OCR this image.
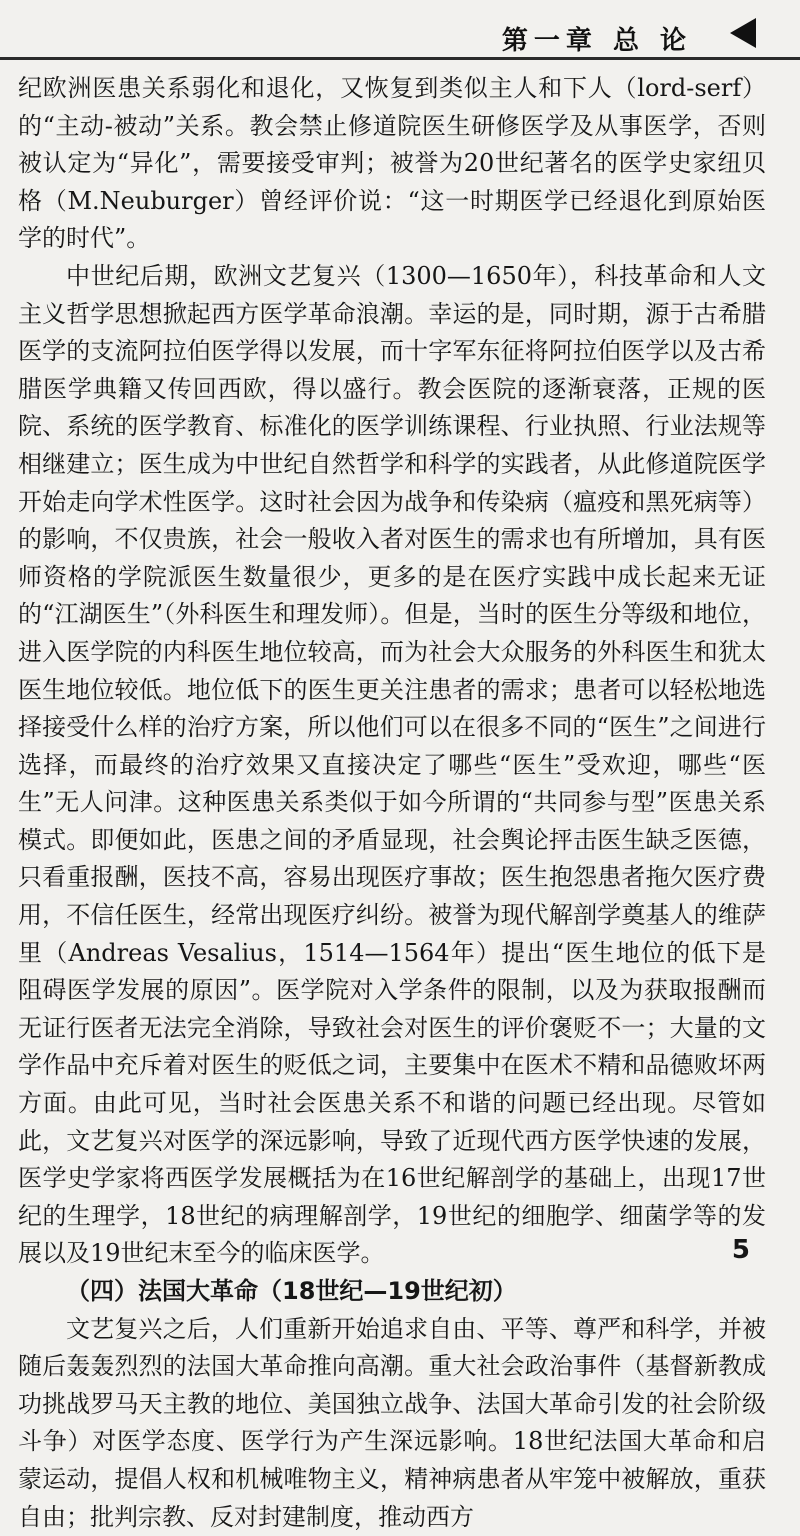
第一章 总 论

纪欧洲医患关系弱化和退化，又恢复到类似主人和下人（lord-serf）的“主动-被动”关系。教会禁止修道院医生研修医学及从事医学，否则被认定为“异化”，需要接受审判；被誉为20世纪著名的医学史家纽贝格（M.Neuburger）曾经评价说：“这一时期医学已经退化到原始医学的时代”。

中世纪后期，欧洲文艺复兴（1300—1650年），科技革命和人文主义哲学思想掀起西方医学革命浪潮。幸运的是，同时期，源于古希腊医学的支流阿拉伯医学得以发展，而十字军东征将阿拉伯医学以及古希腊医学典籍又传回西欧，得以盛行。教会医院的逐渐衰落，正规的医院、系统的医学教育、标准化的医学训练课程、行业执照、行业法规等相继建立；医生成为中世纪自然哲学和科学的实践者，从此修道院医学开始走向学术性医学。这时社会因为战争和传染病（瘟疫和黑死病等）的影响，不仅贵族，社会一般收入者对医生的需求也有所增加，具有医师资格的学院派医生数量很少，更多的是在医疗实践中成长起来无证的“江湖医生”（外科医生和理发师）。但是，当时的医生分等级和地位，进入医学院的内科医生地位较高，而为社会大众服务的外科医生和犹太医生地位较低。地位低下的医生更关注患者的需求；患者可以轻松地选择接受什么样的治疗方案，所以他们可以在很多不同的“医生”之间进行选择，而最终的治疗效果又直接决定了哪些“医生”受欢迎，哪些“医生”无人问津。这种医患关系类似于如今所谓的“共同参与型”医患关系模式。即便如此，医患之间的矛盾显现，社会舆论抨击医生缺乏医德，只看重报酬，医技不高，容易出现医疗事故；医生抱怨患者拖欠医疗费用，不信任医生，经常出现医疗纠纷。被誉为现代解剖学奠基人的维萨里（Andreas Vesalius，1514—1564年）提出“医生地位的低下是阻碍医学发展的原因”。医学院对入学条件的限制，以及为获取报酬而无证行医者无法完全消除，导致社会对医生的评价褒贬不一；大量的文学作品中充斥着对医生的贬低之词，主要集中在医术不精和品德败坏两方面。由此可见，当时社会医患关系不和谐的问题已经出现。尽管如此，文艺复兴对医学的深远影响，导致了近现代西方医学快速的发展，医学史学家将西医学发展概括为在16世纪解剖学的基础上，出现17世纪的生理学，18世纪的病理解剖学，19世纪的细胞学、细菌学等的发展以及19世纪末至今的临床医学。

（四）法国大革命（18世纪—19世纪初）

文艺复兴之后，人们重新开始追求自由、平等、尊严和科学，并被随后轰轰烈烈的法国大革命推向高潮。重大社会政治事件（基督新教成功挑战罗马天主教的地位、美国独立战争、法国大革命引发的社会阶级斗争）对医学态度、医学行为产生深远影响。18世纪法国大革命和启蒙运动，提倡人权和机械唯物主义，精神病患者从牢笼中被解放，重获自由；批判宗教、反对封建制度，推动西方

5
